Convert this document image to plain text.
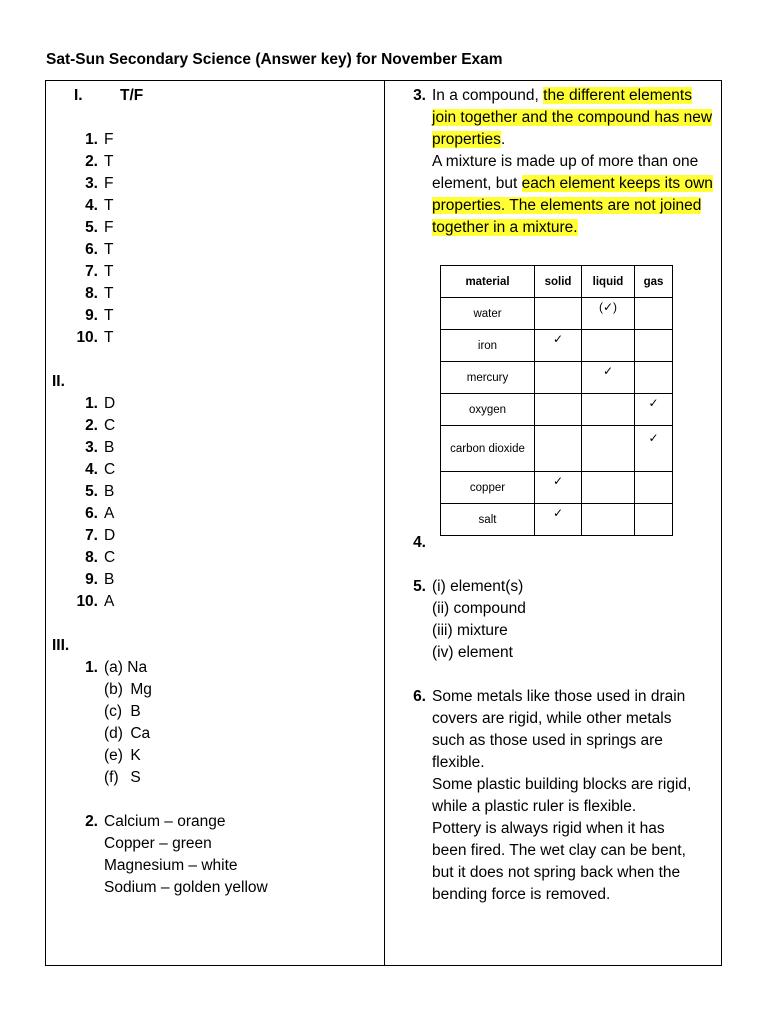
Sat-Sun Secondary Science (Answer key) for November Exam
I. T/F
1. F
2. T
3. F
4. T
5. F
6. T
7. T
8. T
9. T
10. T
II.
1. D
2. C
3. B
4. C
5. B
6. A
7. D
8. C
9. B
10. A
III.
1. (a) Na
(b) Mg
(c) B
(d) Ca
(e) K
(f) S
2. Calcium – orange
Copper – green
Magnesium – white
Sodium – golden yellow
3. In a compound, the different elements join together and the compound has new properties.
A mixture is made up of more than one element, but each element keeps its own properties. The elements are not joined together in a mixture.
material	solid	liquid	gas
water		(✓)	
iron	✓		
mercury		✓	
oxygen			✓
carbon dioxide			✓
copper	✓		
salt	✓		
4.
5. (i) element(s)
(ii) compound
(iii) mixture
(iv) element
6. Some metals like those used in drain
covers are rigid, while other metals
such as those used in springs are
flexible.
Some plastic building blocks are rigid,
while a plastic ruler is flexible.
Pottery is always rigid when it has
been fired. The wet clay can be bent,
but it does not spring back when the
bending force is removed.
